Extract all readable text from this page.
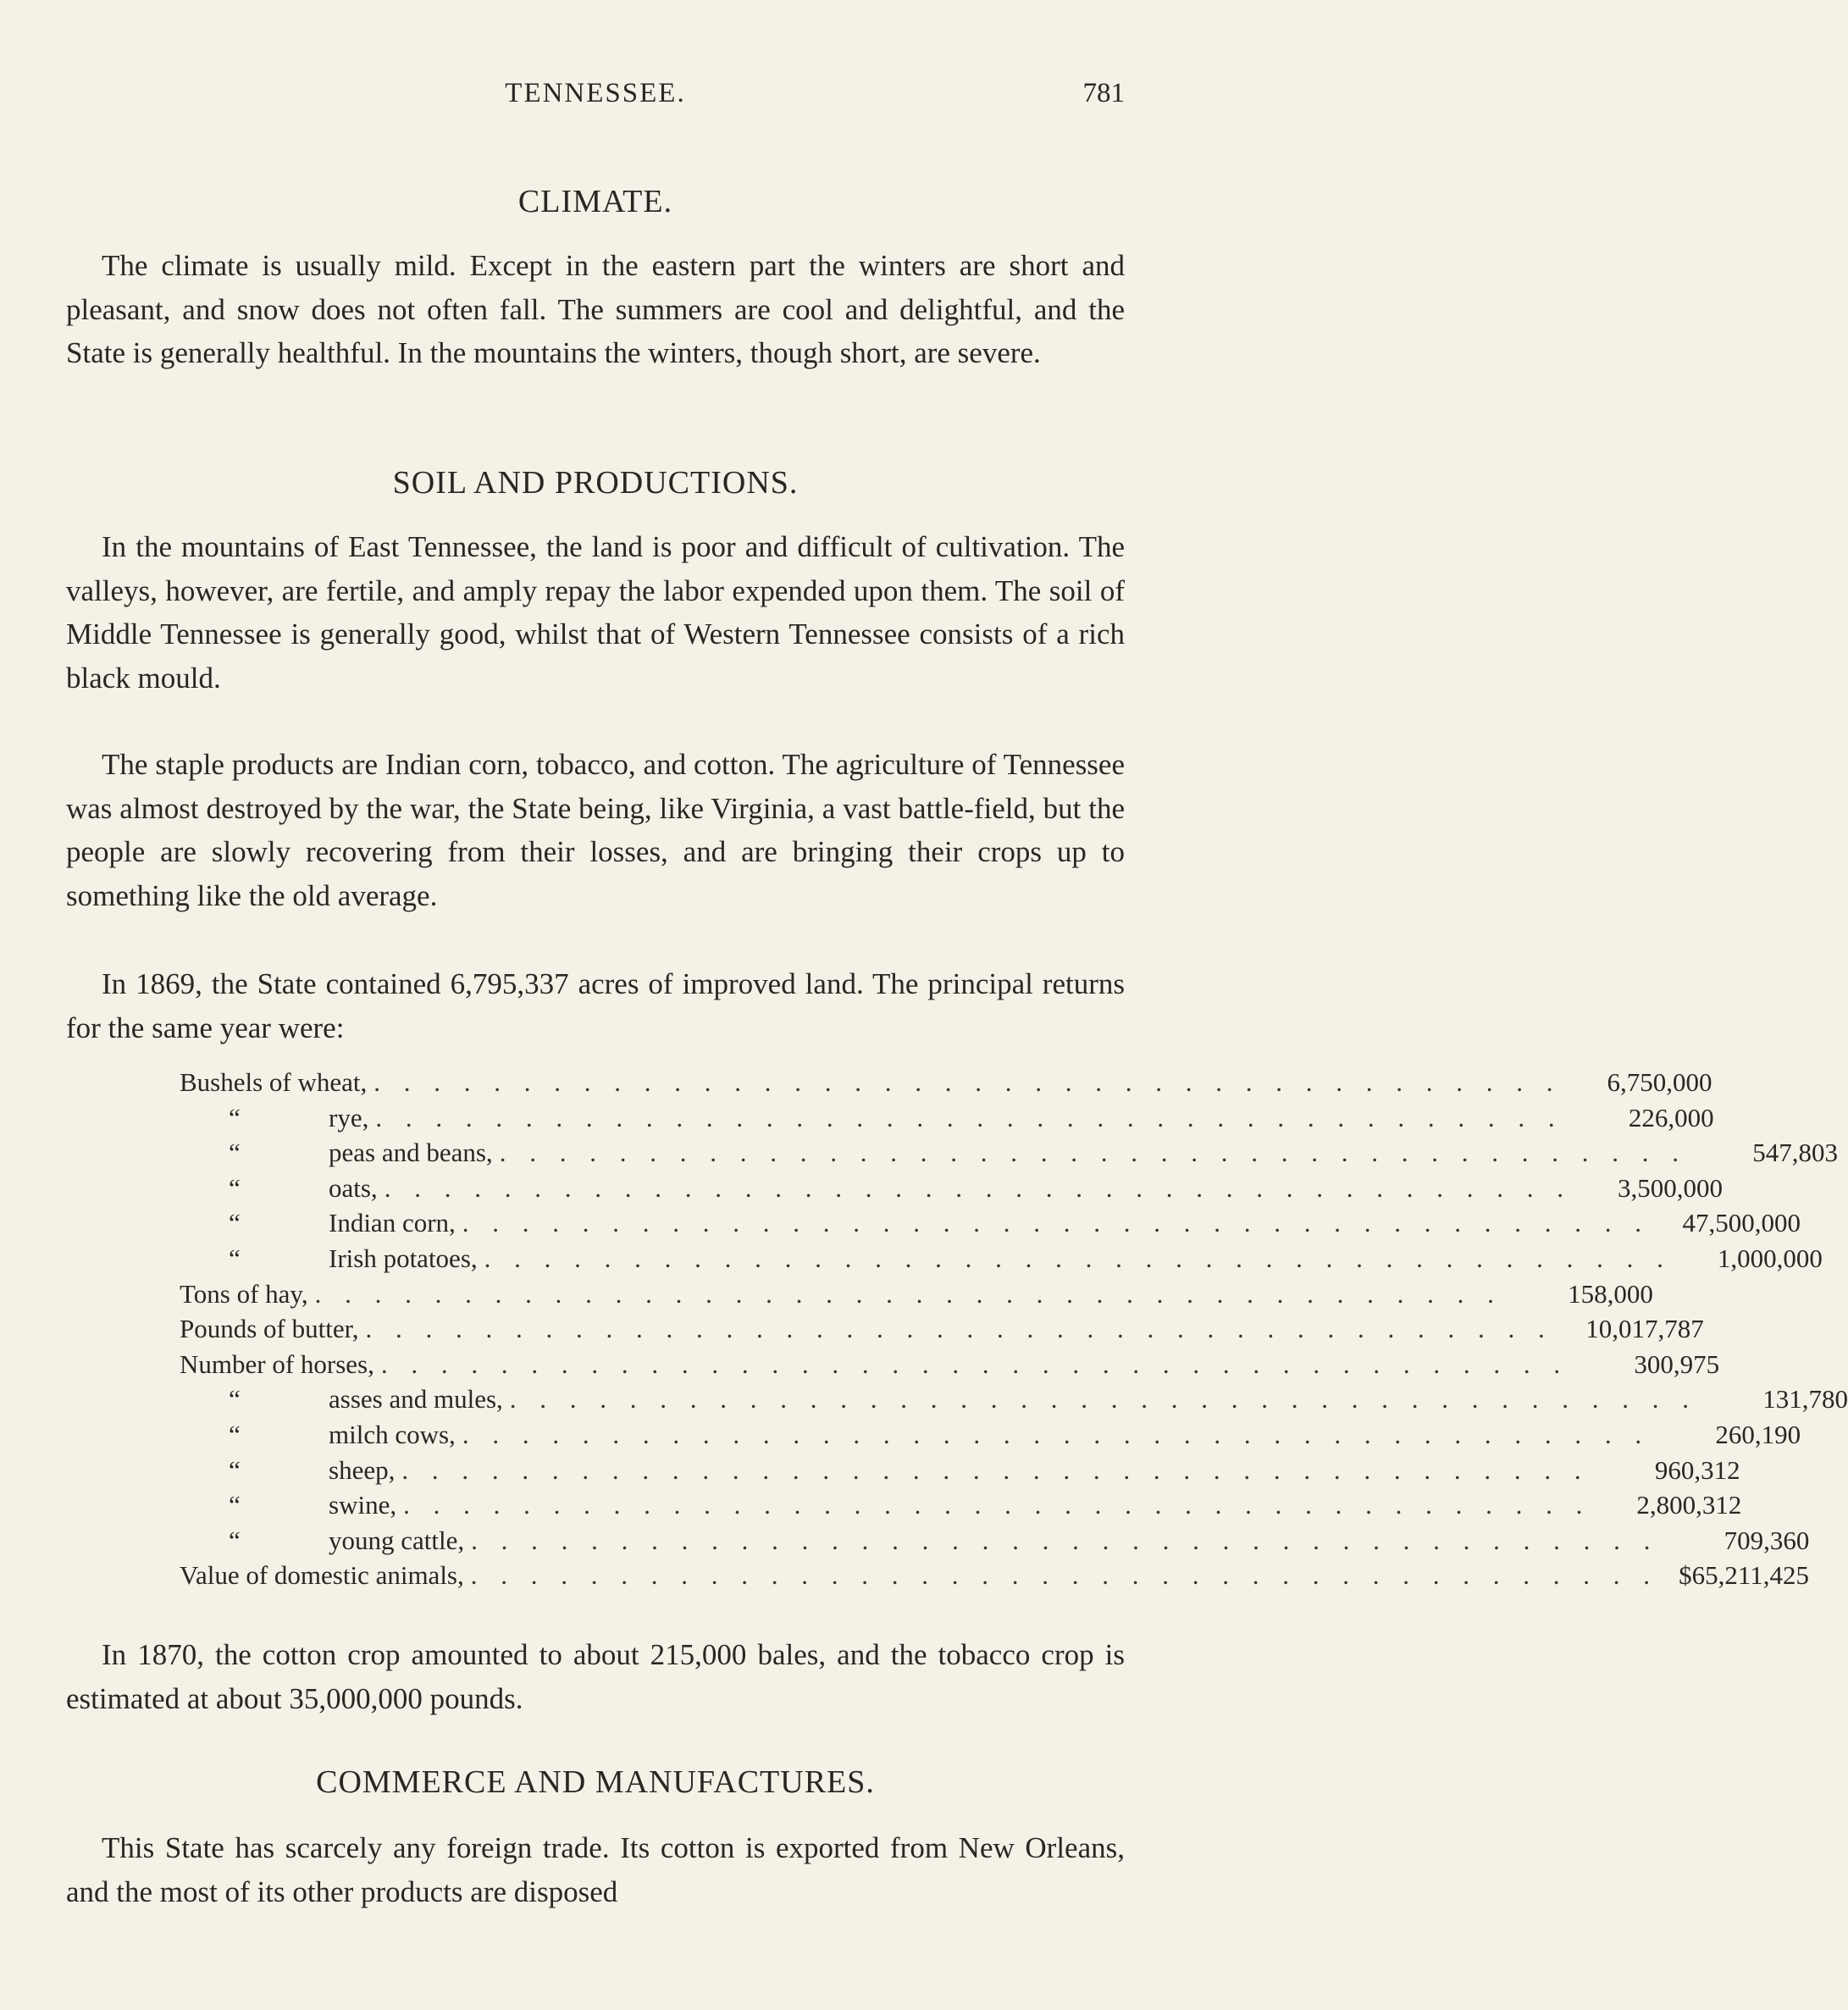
TENNESSEE.	781
CLIMATE.

The climate is usually mild. Except in the eastern part the winters are short and pleasant, and snow does not often fall. The summers are cool and delightful, and the State is generally healthful. In the mountains the winters, though short, are severe.

SOIL AND PRODUCTIONS.

In the mountains of East Tennessee, the land is poor and difficult of cultivation. The valleys, however, are fertile, and amply repay the labor expended upon them. The soil of Middle Tennessee is generally good, whilst that of Western Tennessee consists of a rich black mould.

The staple products are Indian corn, tobacco, and cotton. The agriculture of Tennessee was almost destroyed by the war, the State being, like Virginia, a vast battle-field, but the people are slowly recovering from their losses, and are bringing their crops up to something like the old average.

In 1869, the State contained 6,795,337 acres of improved land. The principal returns for the same year were:

Bushels of wheat, . . . . . . . . . . . . . . . . . . . . . . . . . . . . . . . . . . . . . . . .	6,750,000
“	rye, . . . . . . . . . . . . . . . . . . . . . . . . . . . . . . . . . . . . . . . .	226,000
“	peas and beans, . . . . . . . . . . . . . . . . . . . . . . . . . . . . . . . . . . . . . . . .	547,803
“	oats, . . . . . . . . . . . . . . . . . . . . . . . . . . . . . . . . . . . . . . . .	3,500,000
“	Indian corn, . . . . . . . . . . . . . . . . . . . . . . . . . . . . . . . . . . . . . . . .	47,500,000
“	Irish potatoes, . . . . . . . . . . . . . . . . . . . . . . . . . . . . . . . . . . . . . . . .	1,000,000
Tons of hay, . . . . . . . . . . . . . . . . . . . . . . . . . . . . . . . . . . . . . . . .	158,000
Pounds of butter, . . . . . . . . . . . . . . . . . . . . . . . . . . . . . . . . . . . . . . . .	10,017,787
Number of horses, . . . . . . . . . . . . . . . . . . . . . . . . . . . . . . . . . . . . . . . .	300,975
“	asses and mules, . . . . . . . . . . . . . . . . . . . . . . . . . . . . . . . . . . . . . . . .	131,780
“	milch cows, . . . . . . . . . . . . . . . . . . . . . . . . . . . . . . . . . . . . . . . .	260,190
“	sheep, . . . . . . . . . . . . . . . . . . . . . . . . . . . . . . . . . . . . . . . .	960,312
“	swine, . . . . . . . . . . . . . . . . . . . . . . . . . . . . . . . . . . . . . . . .	2,800,312
“	young cattle, . . . . . . . . . . . . . . . . . . . . . . . . . . . . . . . . . . . . . . . .	709,360
Value of domestic animals, . . . . . . . . . . . . . . . . . . . . . . . . . . . . . . . . . . . . . . . . $65,211,425

In 1870, the cotton crop amounted to about 215,000 bales, and the tobacco crop is estimated at about 35,000,000 pounds.

COMMERCE AND MANUFACTURES.

This State has scarcely any foreign trade. Its cotton is exported from New Orleans, and the most of its other products are disposed
